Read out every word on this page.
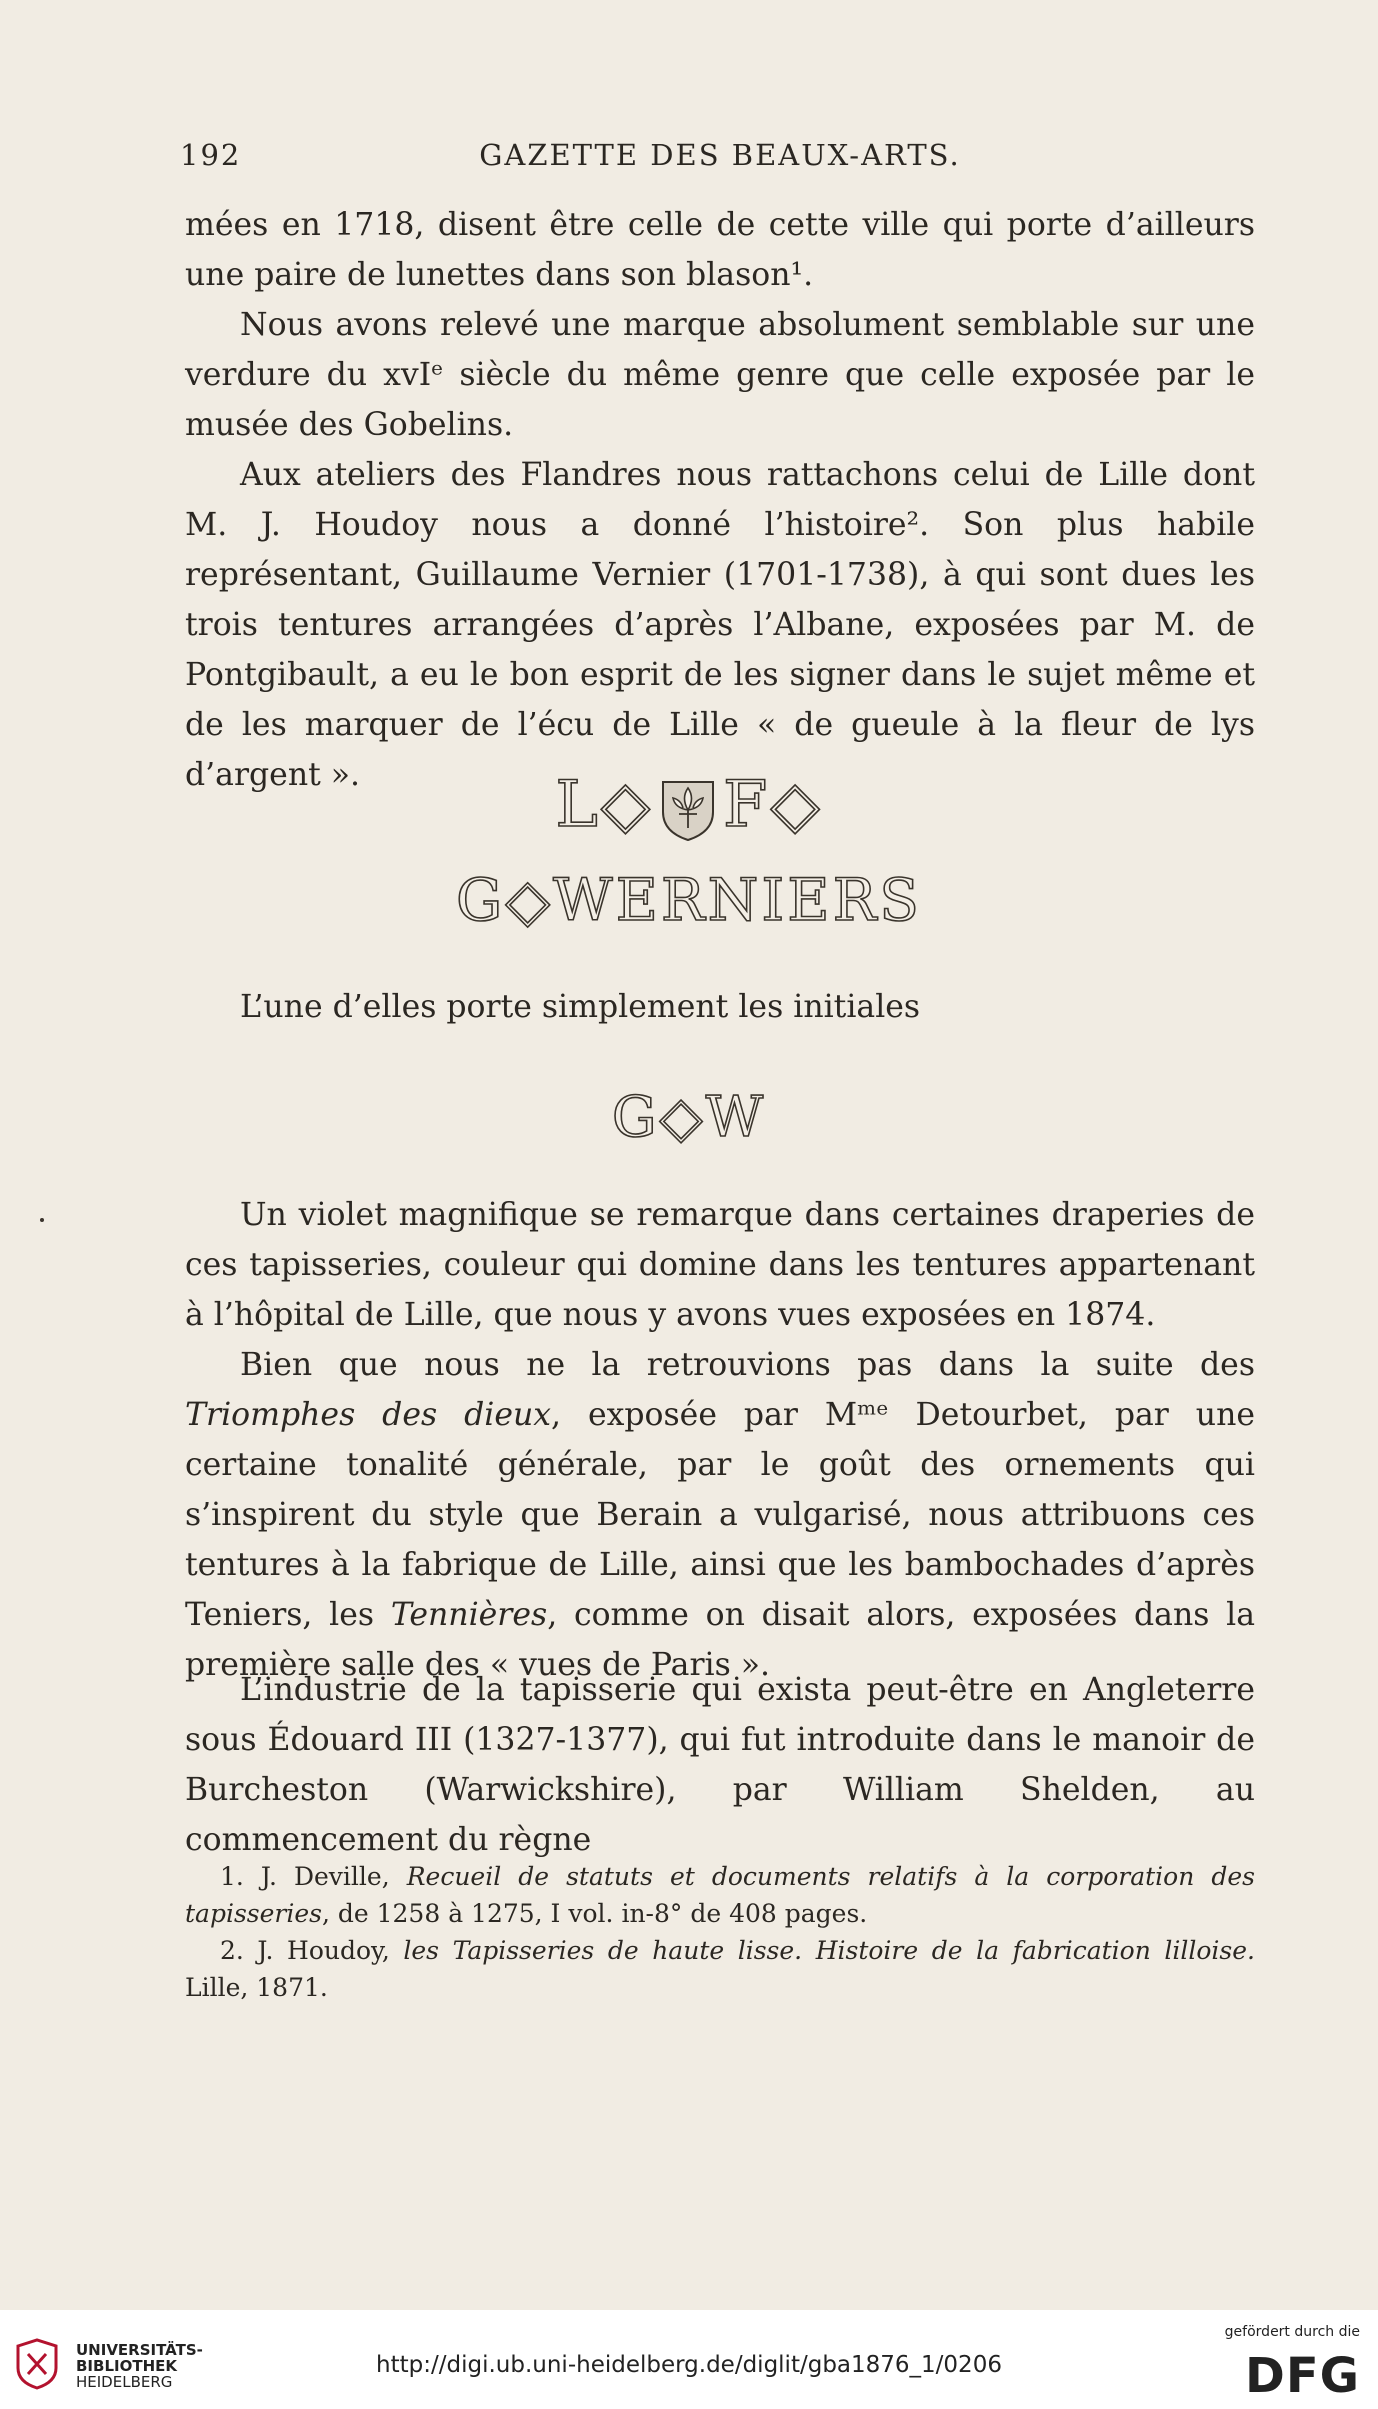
192	GAZETTE DES BEAUX-ARTS.

mées en 1718, disent être celle de cette ville qui porte d’ailleurs une paire de lunettes dans son blason¹.

Nous avons relevé une marque absolument semblable sur une verdure du xvIᵉ siècle du même genre que celle exposée par le musée des Gobelins.

Aux ateliers des Flandres nous rattachons celui de Lille dont M. J. Houdoy nous a donné l’histoire². Son plus habile représentant, Guillaume Vernier (1701-1738), à qui sont dues les trois tentures arrangées d’après l’Albane, exposées par M. de Pontgibault, a eu le bon esprit de les signer dans le sujet même et de les marquer de l’écu de Lille « de gueule à la fleur de lys d’argent ».	L◇ F◇
G◇WERNIERS

L’une d’elles porte simplement les initiales

G◇W

Un violet magnifique se remarque dans certaines draperies de ces tapisseries, couleur qui domine dans les tentures appartenant à l’hôpital de Lille, que nous y avons vues exposées en 1874.

Bien que nous ne la retrouvions pas dans la suite des Triomphes des dieux, exposée par Mᵐᵉ Detourbet, par une certaine tonalité générale, par le goût des ornements qui s’inspirent du style que Berain a vulgarisé, nous attribuons ces tentures à la fabrique de Lille, ainsi que les bambochades d’après Teniers, les Tennières, comme on disait alors, exposées dans la première salle des « vues de Paris ».

L’industrie de la tapisserie qui exista peut-être en Angleterre sous Édouard III (1327-1377), qui fut introduite dans le manoir de Burcheston (Warwickshire), par William Shelden, au commencement du règne

1. J. Deville, Recueil de statuts et documents relatifs à la corporation des tapisseries, de 1258 à 1275, I vol. in-8° de 408 pages.

2. J. Houdoy, les Tapisseries de haute lisse. Histoire de la fabrication lilloise. Lille, 1871.

UNIVERSITÄTS-
BIBLIOTHEK
HEIDELBERG
http://digi.ub.uni-heidelberg.de/diglit/gba1876_1/0206
gefördert durch die
DFG
